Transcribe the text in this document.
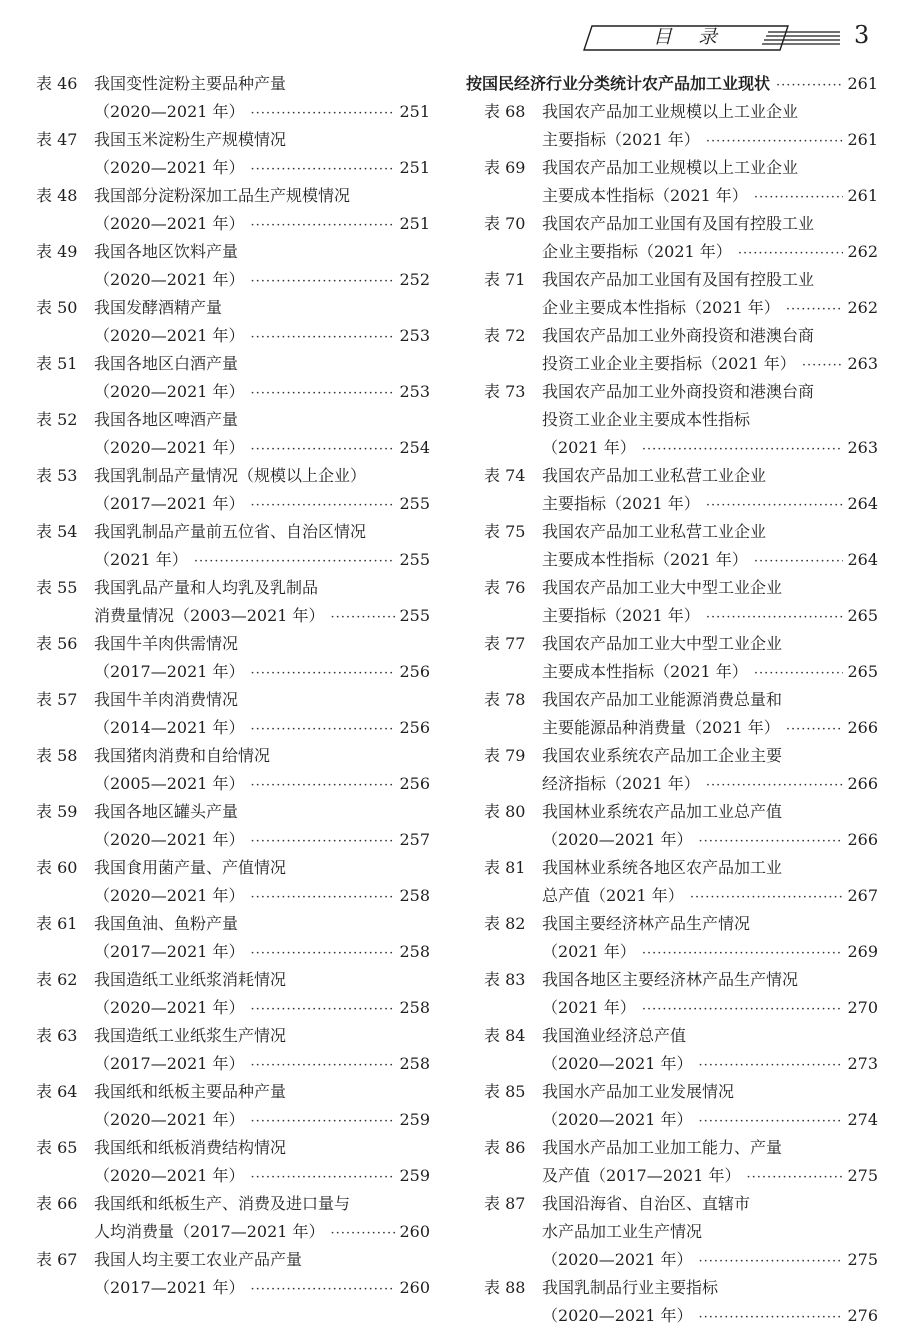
目录	3
表 46 我国变性淀粉主要品种产量
（2020—2021 年） ·····	251
表 47 我国玉米淀粉生产规模情况
（2020—2021 年） ·····	251
表 48 我国部分淀粉深加工品生产规模情况
（2020—2021 年） ·····	251
表 49 我国各地区饮料产量
（2020—2021 年） ·····	252
表 50 我国发酵酒精产量
（2020—2021 年） ·····	253
表 51 我国各地区白酒产量
（2020—2021 年） ·····	253
表 52 我国各地区啤酒产量
（2020—2021 年） ·····	254
表 53 我国乳制品产量情况（规模以上企业）
（2017—2021 年） ·····	255
表 54 我国乳制品产量前五位省、自治区情况
（2021 年） ·····	255
表 55 我国乳品产量和人均乳及乳制品
消费量情况（2003—2021 年） ·····	255
表 56 我国牛羊肉供需情况
（2017—2021 年） ·····	256
表 57 我国牛羊肉消费情况
（2014—2021 年） ·····	256
表 58 我国猪肉消费和自给情况
（2005—2021 年） ·····	256
表 59 我国各地区罐头产量
（2020—2021 年） ·····	257
表 60 我国食用菌产量、产值情况
（2020—2021 年） ·····	258
表 61 我国鱼油、鱼粉产量
（2017—2021 年） ·····	258
表 62 我国造纸工业纸浆消耗情况
（2020—2021 年） ·····	258
表 63 我国造纸工业纸浆生产情况
（2017—2021 年） ·····	258
表 64 我国纸和纸板主要品种产量
（2020—2021 年） ·····	259
表 65 我国纸和纸板消费结构情况
（2020—2021 年） ·····	259
表 66 我国纸和纸板生产、消费及进口量与
人均消费量（2017—2021 年） ·····	260
表 67 我国人均主要工农业产品产量
（2017—2021 年） ·····	260
按国民经济行业分类统计农产品加工业现状 ·····	261
表 68 我国农产品加工业规模以上工业企业
主要指标（2021 年） ·····	261
表 69 我国农产品加工业规模以上工业企业
主要成本性指标（2021 年） ·····	261
表 70 我国农产品加工业国有及国有控股工业
企业主要指标（2021 年） ·····	262
表 71 我国农产品加工业国有及国有控股工业
企业主要成本性指标（2021 年） ·····	262
表 72 我国农产品加工业外商投资和港澳台商
投资工业企业主要指标（2021 年） ·····	263
表 73 我国农产品加工业外商投资和港澳台商
投资工业企业主要成本性指标
（2021 年） ·····	263
表 74 我国农产品加工业私营工业企业
主要指标（2021 年） ·····	264
表 75 我国农产品加工业私营工业企业
主要成本性指标（2021 年） ·····	264
表 76 我国农产品加工业大中型工业企业
主要指标（2021 年） ·····	265
表 77 我国农产品加工业大中型工业企业
主要成本性指标（2021 年） ·····	265
表 78 我国农产品加工业能源消费总量和
主要能源品种消费量（2021 年） ·····	266
表 79 我国农业系统农产品加工企业主要
经济指标（2021 年） ·····	266
表 80 我国林业系统农产品加工业总产值
（2020—2021 年） ·····	266
表 81 我国林业系统各地区农产品加工业
总产值（2021 年） ·····	267
表 82 我国主要经济林产品生产情况
（2021 年） ·····	269
表 83 我国各地区主要经济林产品生产情况
（2021 年） ·····	270
表 84 我国渔业经济总产值
（2020—2021 年） ·····	273
表 85 我国水产品加工业发展情况
（2020—2021 年） ·····	274
表 86 我国水产品加工业加工能力、产量
及产值（2017—2021 年） ·····	275
表 87 我国沿海省、自治区、直辖市
水产品加工业生产情况
（2020—2021 年） ·····	275
表 88 我国乳制品行业主要指标
（2020—2021 年） ·····	276
